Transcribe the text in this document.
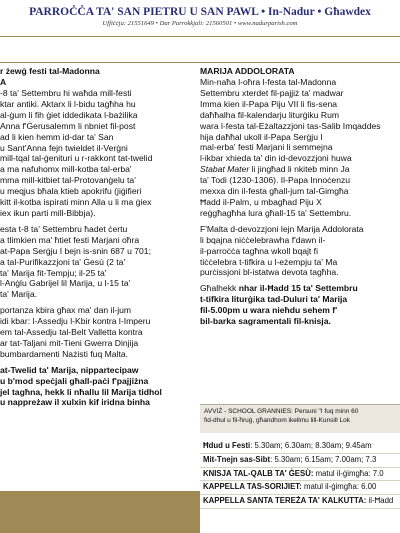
PARROĊĊA TA' SAN PIETRU U SAN PAWL • In-Nadur • Għawdex
Uffiċċju: 21551649 • Dar Parrokkjali: 21560501 • www.nadurparish.com
r żewġ festi tal-Madonna
A
-8 ta' Settembru hi waħda mill-festi
ktar antiki. Aktarx li l-bidu tagħha hu
al-ġum li fih ġiet iddedikata l-bażilika
Anna f'Ġerusalemm li nbniet fil-post
ad li kien hemm id-dar ta' San
u Sant'Anna fejn twieldet il-Verġni
mill-tqal tal-ġenituri u r-rakkont tat-twelid
a ma nafuhomx mill-kotba tal-erba'
mma mill-kitbiet tal-Protovanġelu ta'
u meqjus bħala ktieb apokrifu (jiġifieri
kitt il-kotba ispirati minn Alla u li ma ġiex
iex ikun parti mill-Bibbja).
esta t-8 ta' Settembru ħadet ċertu
a tlimkien ma' ħtiet festi Marjani oħra
at-Papa Serġju I bejn is-snin 687 u 701;
a tal-Purifikazzjoni ta' Ġesù (2 ta'
ta' Marija fit-Tempju; il-25 ta'
l-Anġlu Gabrijel lil Marija, u l-15 ta'
ta' Marija.
portanza kbira għax ma' dan il-jum
idi kbar: l-Assedju l-Kbir kontra l-Imperu
em tal-Assedju tal-Belt Valletta kontra
ar tat-Taljani mit-Tieni Gwerra Dinjija
bumbardamenti Nażisti fuq Malta.
at-Twelid ta' Marija, nippartecipaw
u b'mod speċjali għall-paċi f'pajjiżna
jel tagħna, hekk li nħallu lil Marija tidhol
u nappreżaw il xulxin kif iridna binha
MARIJA ADDOLORATA
Min-naħa l-oħra l-festa tal-Madonna
Settembru xterdet fil-pajjiż ta' madwar
Imma kien il-Papa Piju VII li fis-sena
daħħalha fil-kalendarju liturġiku Rum
wara l-festa tal-Eżaltazzjoni tas-Salib Imqaddes
hija daħħal ukoll il-Papa Serġju I
mal-erba' festi Marjani li semmejna
l-ikbar xhieda ta' din id-devozzjoni huwa
Stabat Mater li jingħad li nkiteb minn Ja
ta' Todi (1230-1306). Il-Papa Innoċenzu
mexxa din il-festa għall-jum tal-Ġimgħa
Ħadd il-Palm, u mbagħad Piju X
reġgħagħha lura għall-15 ta' Settembru.
F'Malta d-devozzjoni lejn Marija Addolorata
li bqajna niċċelebrawha f'dawn il-
il-parroċċa tagħna wkoll bqajt fi
tiċċelebra t-tifkira u l-eżempju ta' Ma
purċissjoni bl-istatwa devota tagħha.
Għalhekk nhar il-Ħadd 15 ta' Settembru
t-tifkira liturġika tad-Duluri ta' Marija
fil-5.00pm u wara nieħdu sehem f'
bil-barka sagramentali fil-knisja.
AVVIŻ - SCHOOL GRANNIES: Persuni "I fuq minn 60
fid-dhul u fil-ħruġ, għandhom ikellmu lill-Kunsill Lok
Ħdud u Festi: 5.30am; 6.30am; 8.30am; 9.45am
Mit-Tnejn sas-Sibt: 5.30am; 6.15am; 7.00am; 7.3
KNISJA TAL-QALB TA' ĠESÙ: matul il-ġimgħa: 7.0
KAPPELLA TAS-SORIJIET: matul il-ġimgħa: 6.00
KAPPELLA SANTA TEREŻA TA' KALKUTTA: il-Ħadd
